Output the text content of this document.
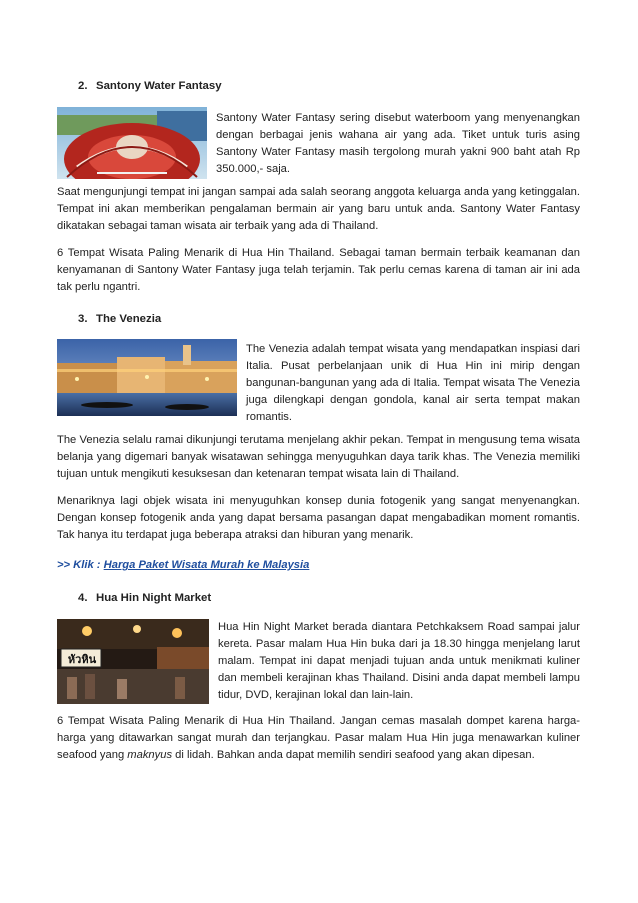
2. Santony Water Fantasy

Santony Water Fantasy sering disebut waterboom yang menyenangkan dengan berbagai jenis wahana air yang ada. Tiket untuk turis asing Santony Water Fantasy masih tergolong murah yakni 900 baht atah Rp 350.000,- saja.

Saat mengunjungi tempat ini jangan sampai ada salah seorang anggota keluarga anda yang ketinggalan. Tempat ini akan memberikan pengalaman bermain air yang baru untuk anda. Santony Water Fantasy dikatakan sebagai taman wisata air terbaik yang ada di Thailand.

6 Tempat Wisata Paling Menarik di Hua Hin Thailand. Sebagai taman bermain terbaik keamanan dan kenyamanan di Santony Water Fantasy juga telah terjamin. Tak perlu cemas karena di taman air ini ada tak perlu ngantri.

3. The Venezia

The Venezia adalah tempat wisata yang mendapatkan inspiasi dari Italia. Pusat perbelanjaan unik di Hua Hin ini mirip dengan bangunan-bangunan yang ada di Italia. Tempat wisata The Venezia juga dilengkapi dengan gondola, kanal air serta tempat makan romantis.

The Venezia selalu ramai dikunjungi terutama menjelang akhir pekan. Tempat in mengusung tema wisata belanja yang digemari banyak wisatawan sehingga menyuguhkan daya tarik khas. The Venezia memiliki tujuan untuk mengikuti kesuksesan dan ketenaran tempat wisata lain di Thailand.

Menariknya lagi objek wisata ini menyuguhkan konsep dunia fotogenik yang sangat menyenangkan. Dengan konsep fotogenik anda yang dapat bersama pasangan dapat mengabadikan moment romantis. Tak hanya itu terdapat juga beberapa atraksi dan hiburan yang menarik.

>> Klik : Harga Paket Wisata Murah ke Malaysia
4. Hua Hin Night Market
หัวหิน

Hua Hin Night Market berada diantara Petchkaksem Road sampai jalur kereta. Pasar malam Hua Hin buka dari ja 18.30 hingga menjelang larut malam. Tempat ini dapat menjadi tujuan anda untuk menikmati kuliner dan membeli kerajinan khas Thailand. Disini anda dapat membeli lampu tidur, DVD, kerajinan lokal dan lain-lain.

6 Tempat Wisata Paling Menarik di Hua Hin Thailand. Jangan cemas masalah dompet karena harga-harga yang ditawarkan sangat murah dan terjangkau. Pasar malam Hua Hin juga menawarkan kuliner seafood yang maknyus di lidah. Bahkan anda dapat memilih sendiri seafood yang akan dipesan.
